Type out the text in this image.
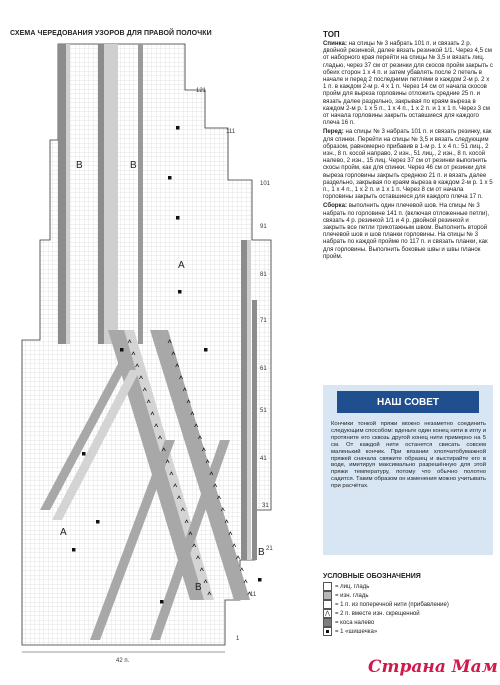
СХЕМА ЧЕРЕДОВАНИЯ УЗОРОВ ДЛЯ ПРАВОЙ ПОЛОЧКИ
121
111
101
91
81
71
61
51
41
31
21
11
1
B	B
A
A
B
B
42 п.
ТОП

Спинка: на спицы № 3 набрать 101 п. и связать 2 р. двойной резинкой, далее вязать резинкой 1/1. Через 4,5 см от наборного края перейти на спицы № 3,5 и вязать лиц. гладью, через 37 см от резинки для скосов пройм закрыть с обеих сторон 1 х 4 п. и затем убавлять после 2 петель в начале и перед 2 последними петлями в каждом 2-м р. 2 х 1 п. в каждом 2-м р. 4 х 1 п. Через 14 см от начала скосов пройм для выреза горловины отложить средние 25 п. и вязать далее раздельно, закрывая по краям выреза в каждом 2-м р. 1 х 5 п., 1 х 4 п., 1 х 2 п. и 1 х 1 п. Через 3 см от начала горловины закрыть оставшиеся для каждого плеча 16 п.

Перед: на спицы № 3 набрать 101 п. и связать резинку, как для спинки. Перейти на спицы № 3,5 и вязать следующим образом, равномерно прибавив в 1-м р. 1 х 4 п.: 51 лиц., 2 изн., 8 п. косой направо, 2 изн., 51 лиц., 2 изн., 8 п. косой налево, 2 изн., 15 лиц. Через 37 см от резинки выполнить скосы пройм, как для спинки. Через 46 см от резинки для выреза горловины закрыть среднюю 21 п. и вязать далее раздельно, закрывая по краям выреза в каждом 2-м р. 1 х 5 п., 1 х 4 п., 1 х 2 п. и 1 х 1 п. Через 8 см от начала горловины закрыть оставшиеся для каждого плеча 17 п.

Сборка: выполнить один плечевой шов. На спицы № 3 набрать по горловине 141 п. (включая отложенные петли), связать 4 р. резинкой 1/1 и 4 р. двойной резинкой и закрыть все петли трикотажным швом. Выполнить второй плечевой шов и шов планки горловины. На спицы № 3 набрать по каждой пройме по 117 п. и связать планки, как для горловины. Выполнить боковые швы и швы планок пройм.

НАШ СОВЕТ
Кончики тонкой пряжи можно незаметно соединить следующим способом: вденьте один конец нити в иглу и протяните его сквозь другой конец нити примерно на 5 см. От каждой нити останется свисать совсем маленький кончик. При вязании хлопчатобумажной пряжей сначала свяжите образец и выстирайте его в воде, имитируя максимально разрешённую для этой пряжи температуру, потому что обычно полотно садится. Таким образом он изменения можно учитывать при расчётах.
УСЛОВНЫЕ ОБОЗНАЧЕНИЯ
= лиц. гладь
= изн. гладь
= 1 п. из поперечной нити (прибавление)
⋀ = 2 п. вместе изн. скрещенной
= коса налево
= 1 «шишечка»
Страна Мам
